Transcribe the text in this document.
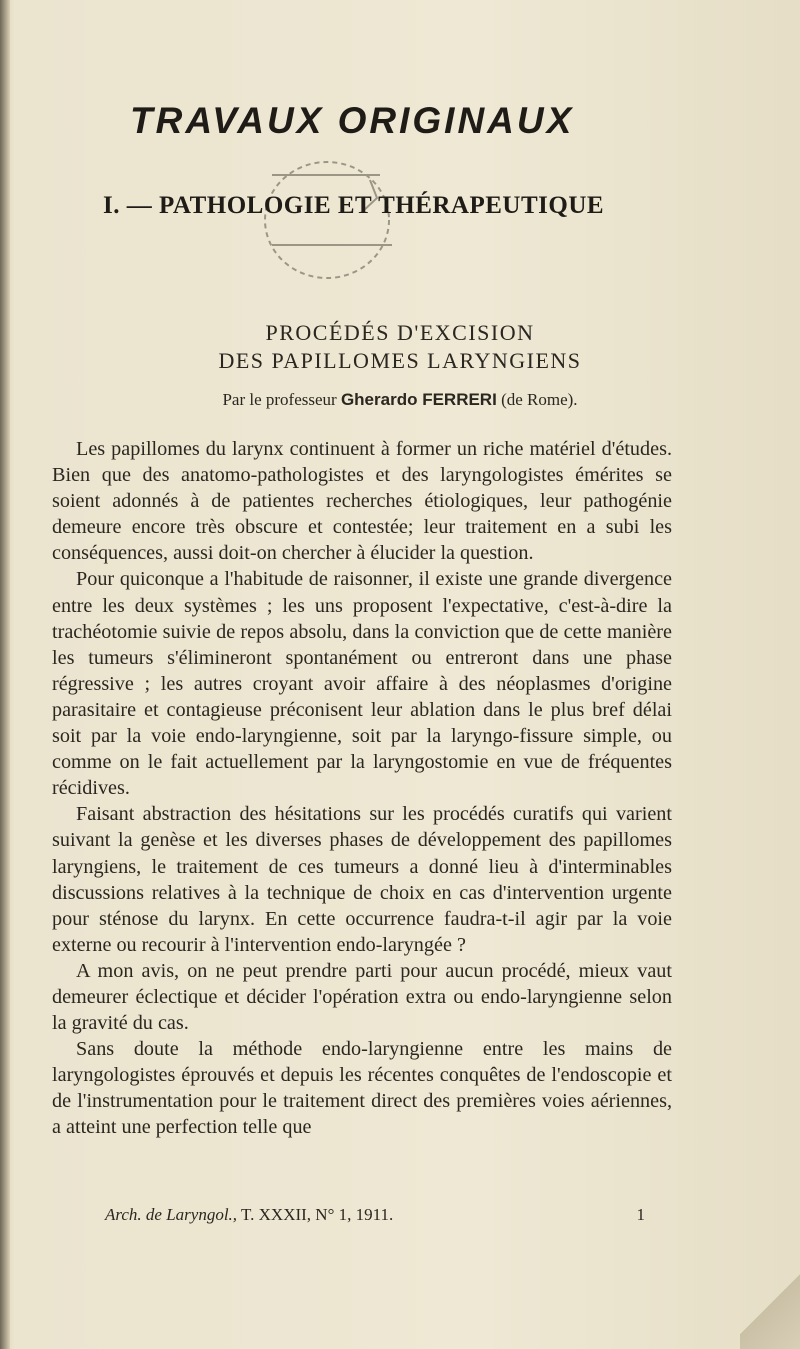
TRAVAUX ORIGINAUX
I. — PATHOLOGIE ET THÉRAPEUTIQUE
PROCÉDÉS D'EXCISION
DES PAPILLOMES LARYNGIENS
Par le professeur Gherardo FERRERI (de Rome).

Les papillomes du larynx continuent à former un riche matériel d'études. Bien que des anatomo-pathologistes et des laryngologistes émérites se soient adonnés à de patientes recherches étiologiques, leur pathogénie demeure encore très obscure et contestée; leur traitement en a subi les conséquences, aussi doit-on chercher à élucider la question.

Pour quiconque a l'habitude de raisonner, il existe une grande divergence entre les deux systèmes ; les uns proposent l'expectative, c'est-à-dire la trachéotomie suivie de repos absolu, dans la conviction que de cette manière les tumeurs s'élimineront spontanément ou entreront dans une phase régressive ; les autres croyant avoir affaire à des néoplasmes d'origine parasitaire et contagieuse préconisent leur ablation dans le plus bref délai soit par la voie endo-laryngienne, soit par la laryngo-fissure simple, ou comme on le fait actuellement par la laryngostomie en vue de fréquentes récidives.

Faisant abstraction des hésitations sur les procédés curatifs qui varient suivant la genèse et les diverses phases de développement des papillomes laryngiens, le traitement de ces tumeurs a donné lieu à d'interminables discussions relatives à la technique de choix en cas d'intervention urgente pour sténose du larynx. En cette occurrence faudra-t-il agir par la voie externe ou recourir à l'intervention endo-laryngée ?

A mon avis, on ne peut prendre parti pour aucun procédé, mieux vaut demeurer éclectique et décider l'opération extra ou endo-laryngienne selon la gravité du cas.

Sans doute la méthode endo-laryngienne entre les mains de laryngologistes éprouvés et depuis les récentes conquêtes de l'endoscopie et de l'instrumentation pour le traitement direct des premières voies aériennes, a atteint une perfection telle que

Arch. de Laryngol., T. XXXII, N° 1, 1911.	1
